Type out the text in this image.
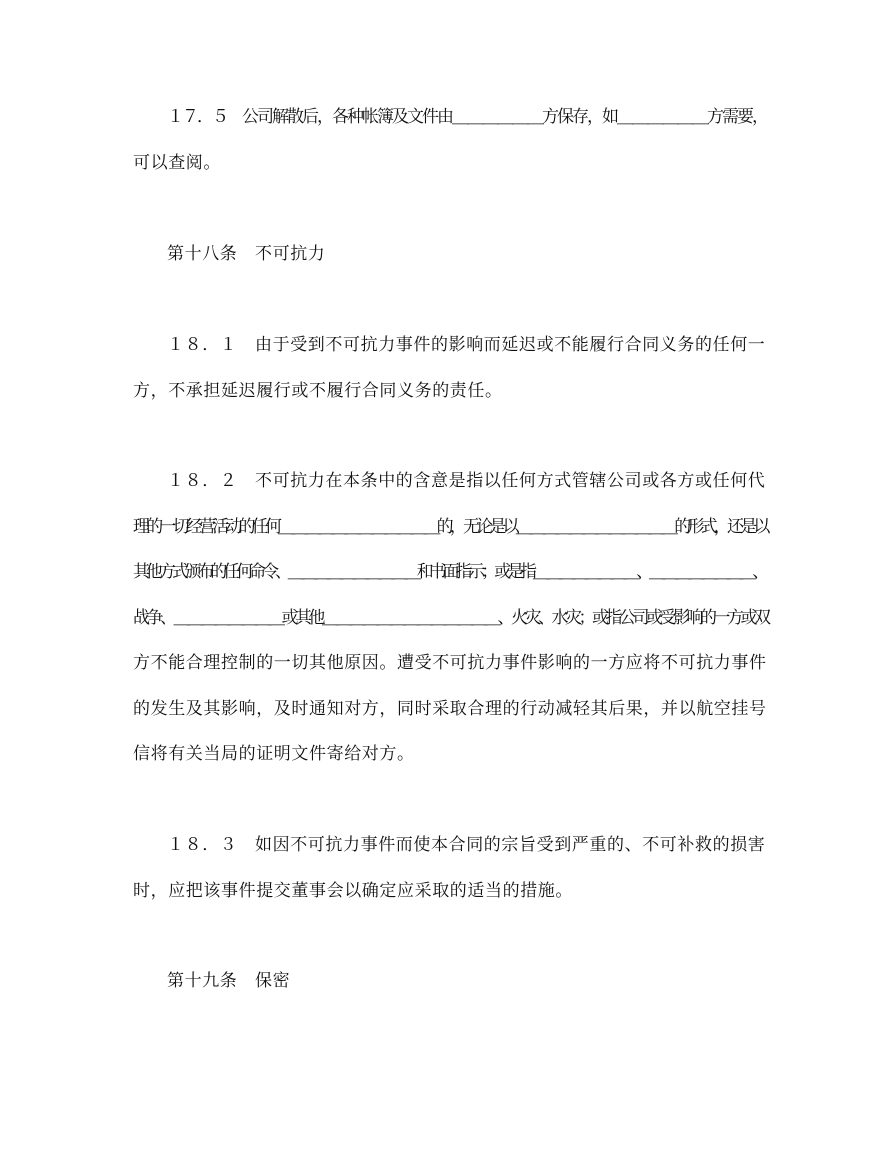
１７．５　公司解散后，各种帐簿及文件由＿＿＿＿＿＿方保存，如＿＿＿＿＿＿方需要，
可以查阅。
第十八条　不可抗力
１８．１　由于受到不可抗力事件的影响而延迟或不能履行合同义务的任何一
方，不承担延迟履行或不履行合同义务的责任。
１８．２　不可抗力在本条中的含意是指以任何方式管辖公司或各方或任何代
理的一切经营活动的任何＿＿＿＿＿＿＿＿＿＿＿＿的，无论是以＿＿＿＿＿＿＿＿＿＿＿＿的形式，还是以
其他方式颁布的任何命令、＿＿＿＿＿＿＿＿＿＿和书面指示；或是指＿＿＿＿＿＿＿＿、＿＿＿＿＿＿＿＿、
战争、＿＿＿＿＿＿＿＿或其他＿＿＿＿＿＿＿＿＿＿＿＿＿、火灾、水灾；或指公司或受影响的一方或双
方不能合理控制的一切其他原因。遭受不可抗力事件影响的一方应将不可抗力事件
的发生及其影响，及时通知对方，同时采取合理的行动减轻其后果，并以航空挂号
信将有关当局的证明文件寄给对方。
１８．３　如因不可抗力事件而使本合同的宗旨受到严重的、不可补救的损害
时，应把该事件提交董事会以确定应采取的适当的措施。
第十九条　保密
